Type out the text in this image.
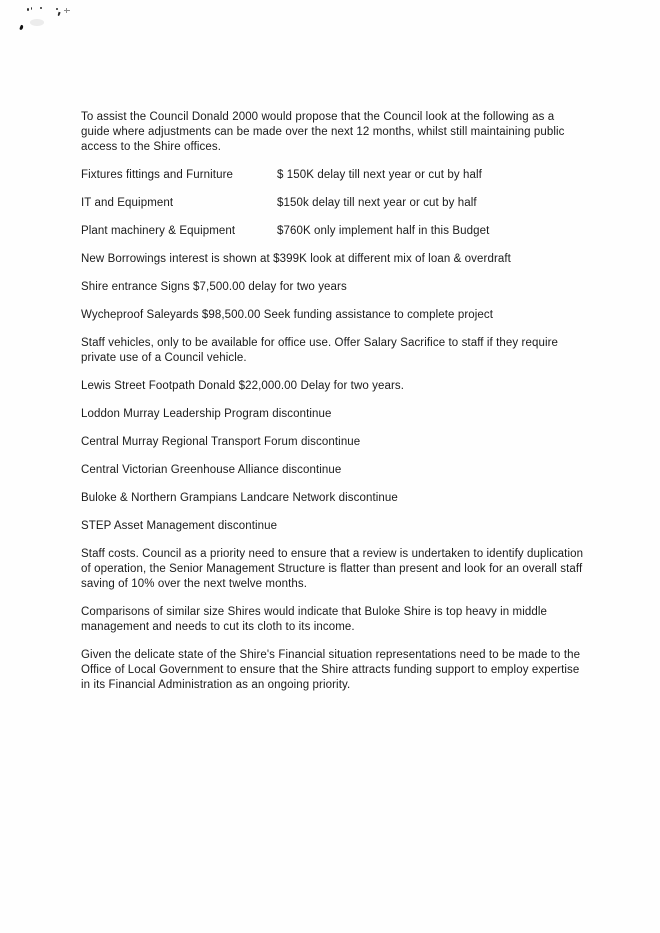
To assist the Council Donald 2000 would propose that the Council look at the following as a guide where adjustments can be made over the next 12 months, whilst still maintaining public access to the Shire offices.

Fixtures fittings and Furniture	$ 150K delay till next year or cut by half
IT and Equipment	$150k delay till next year or cut by half
Plant machinery & Equipment	$760K only implement half in this Budget

New Borrowings interest is shown at $399K look at different mix of loan & overdraft

Shire entrance Signs $7,500.00 delay for two years

Wycheproof Saleyards $98,500.00 Seek funding assistance to complete project

Staff vehicles, only to be available for office use. Offer Salary Sacrifice to staff if they require private use of a Council vehicle.

Lewis Street Footpath Donald $22,000.00 Delay for two years.

Loddon Murray Leadership Program discontinue

Central Murray Regional Transport Forum discontinue

Central Victorian Greenhouse Alliance discontinue

Buloke & Northern Grampians Landcare Network discontinue

STEP Asset Management discontinue

Staff costs. Council as a priority need to ensure that a review is undertaken to identify duplication of operation, the Senior Management Structure is flatter than present and look for an overall staff saving of 10% over the next twelve months.

Comparisons of similar size Shires would indicate that Buloke Shire is top heavy in middle management and needs to cut its cloth to its income.

Given the delicate state of the Shire's Financial situation representations need to be made to the Office of Local Government to ensure that the Shire attracts funding support to employ expertise in its Financial Administration as an ongoing priority.
